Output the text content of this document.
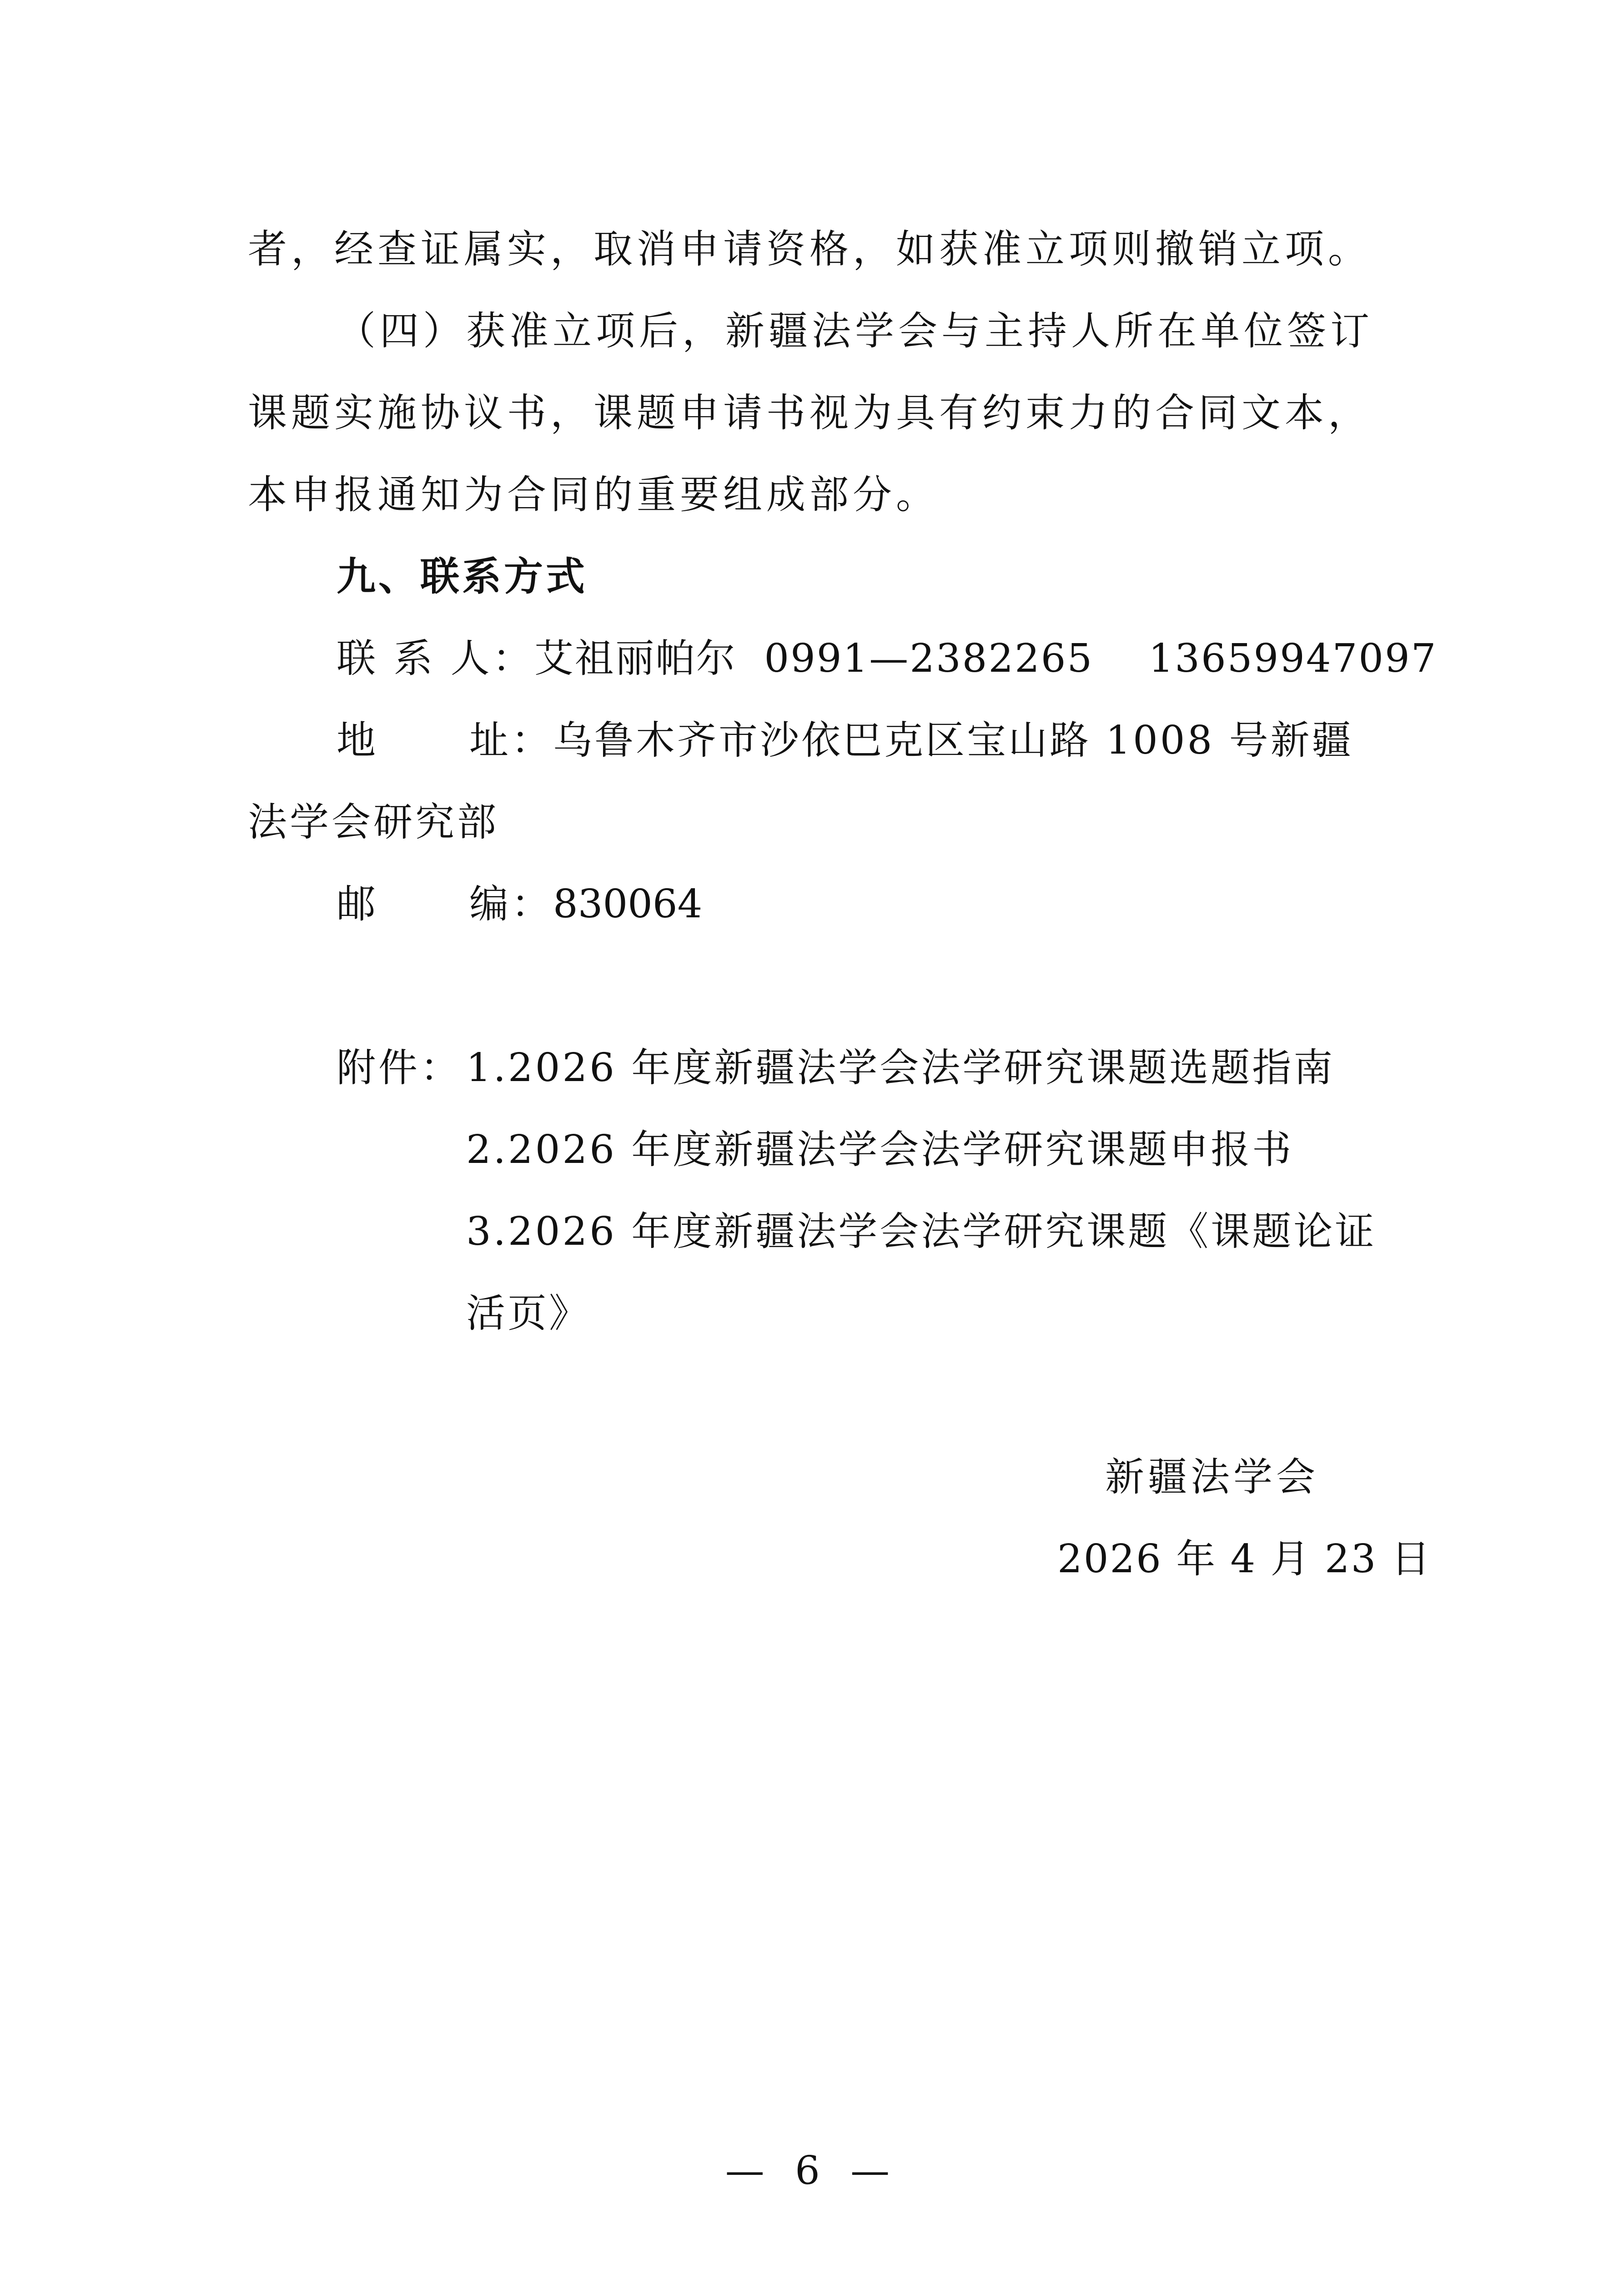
者，经查证属实，取消申请资格，如获准立项则撤销立项。
（四）获准立项后，新疆法学会与主持人所在单位签订
课题实施协议书，课题申请书视为具有约束力的合同文本，
本申报通知为合同的重要组成部分。
九、联系方式
联 系 人：艾祖丽帕尔  0991—2382265    13659947097
地      址：乌鲁木齐市沙依巴克区宝山路 1008 号新疆
法学会研究部
邮      编：830064
附件： 1.2026 年度新疆法学会法学研究课题选题指南
2.2026 年度新疆法学会法学研究课题申报书
3.2026 年度新疆法学会法学研究课题《课题论证
活页》
新疆法学会
2026 年 4 月 23 日
— 6 —
